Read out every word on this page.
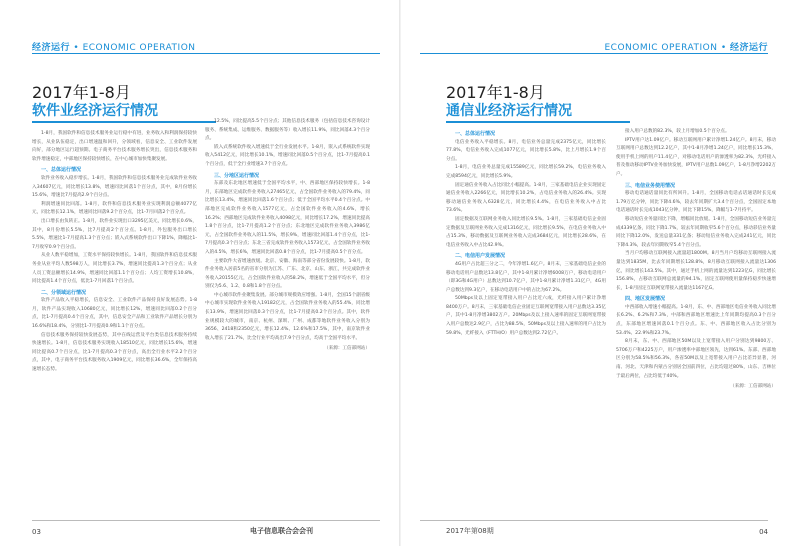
经济运行 • ECONOMIC OPERATION
2017年1-8月
软件业经济运行情况

1-8月，我国软件和信息技术服务业运行稳中有进，业务收入和利润保持较快增长，从业队伍稳定，出口增速温和回升，分领域看，信息安全、工业软件发展向好，部分地区运行超预期。电子商务平台技术服务增长突出，信息技术服务和软件增速稳定，中部地区保持较快增长，在中心城市加快集聚发展。

一、总体运行情况

软件业务收入稳步增长。1-8月，我国软件和信息技术服务业完成软件业务收入34607亿元，同比增长13.8%，增速同比回落1个百分点，其中，8月份增长15.6%，增速比7月提高2.9个百分点。

利润增速同比回落。1-8月，软件和信息技术服务业实现利润总额4077亿元，同比增长12.1%，增速同比回落9.2个百分点，比1-7月回落2个百分点。

出口增长由负转正。1-8月，软件业实现出口3295亿美元，同比增长0.6%，其中，8月份增长5.5%，比7月提高2个百分点。1-8月，外包服务出口增长5.5%，增速比1-7月提高1.3个百分点；嵌入式系统软件出口下降1%，降幅比1-7月收窄0.9个百分点。

从业人数平稳增加，工资水平保持较快增长。1-8月，我国软件和信息技术服务业从业平均人数598万人，同比增长3.7%，增速同比提高1.3个百分点；从业人员工资总额增长14.9%，增速同比回落1.1个百分点；人均工资增长10.8%，同比提高1.4个百分点，低比1-7月回落1个百分点。

二、分领域运行情况

软件产品收入平稳增长，信息安全、工业软件产品保持良好发展态势。1-8月，软件产品实现收入10680亿元，同比增长12%，增速同比回落0.2个百分点，比1-7月提高0.4个百分点，其中，信息安全产品和工业软件产品增长分别为16.6%和18.4%，分别比1-7月提高0.9和1.1个百分点。

信息技术服务保持较快发展态势，其中在线运营及平台类信息技术服务持续快速增长。1-8月，信息技术服务实现收入18510亿元，同比增长15.6%，增速同比提高0.7个百分点，比1-7月提高0.3个百分点，高出全行业水平2.2个百分点，其中，电子商务平台技术服务收入1909亿元，同比增长36.6%，全年保持高速增长态势。

12.5%，同比提高5.5个百分点；其他信息技术服务（包括信息技术咨询设计服务、系统集成、运维服务、数据服务等）收入增长11.9%，同比回落4.3个百分点。

嵌入式系统软件收入增速低于全行业发展水平。1-8月，嵌入式系统软件实现收入5412亿元，同比增长10.1%，增速同比回落0.5个百分点，比1-7月提高0.1个百分点，低于全行业增速3.7个百分点。

三、分地区运行情况

东部及东北地区增速低于全国平均水平，中、西部地区保持较快增长。1-8月，东部地区完成软件业务收入27465亿元，占全国软件业务收入的79.4%，同比增长13.4%，增速同比回落1.6个百分点；低于全国平均水平0.4个百分点。中部地区完成软件业务收入1577亿元，占全国软件业务收入的4.6%，增长16.2%；西部地区完成软件业务收入4098亿元，同比增长17.2%，增速同比提高1.8个百分点，比1-7月提高1.2个百分点；东北地区完成软件业务收入3986亿元，占全国软件业务收入的11.5%，增长9%，增速同比回落1.4个百分点，比1-7月提高0.3个百分点；东北三省完成软件业务收入1573亿元，占全国软件业务收入的4.5%，增长6%，增速同比回落0.8个百分点，比1-7月提高0.5个百分点。

主要软件大省增速放缓。北京、安徽、海南等部分省份发展较快。1-8月，软件业务收入居前5名的省市分别为江苏、广东、北京、山东、浙江，共完成软件业务收入20155亿元，占全国软件业收入的58.2%，增速低于全国平均水平，但分别仅为5.6、1.2、0.8和1.8个百分点。

中心城市软件业聚集发展。部分城市规模效应增强。1-8月，全国15个副省级中心城市实现软件业务收入19182亿元，占全国软件业务收入的55.4%，同比增长13.9%，增速同比回落0.3个百分点，比1-7月提高0.2个百分点。其中，软件业规模较大的城市，南京、杭州、深圳、广州、成都等地软件业务收入分别为3656、2418和2350亿元，增长12.4%、12.6%和17.5%，其中，南京软件业收入增长了21.7%，比全行业平均高出7.9个百分点，均高于全国平均水平。

（来源：工信部网站）

03	电子信息联合会会刊
ECONOMIC OPERATION • 经济运行
2017年1-8月
通信业经济运行情况
一、总体运行情况

电信业务收入平稳增长。8月，电信业务总量完成2375亿元，同比增长77.8%，电信业务收入完成1077亿元，同比增长5.8%，比上月增长1.9个百分点。

1-8月，电信业务总量完成15589亿元，同比增长59.2%，电信业务收入完成8594亿元，同比增长5.9%。

固定通信业务收入占比同比小幅提高。1-8月，三家基础电信企业实现固定通信业务收入2266亿元，同比增长10.2%，占电信业务收入的26.4%。实现移动通信业务收入6328亿元，同比增长4.4%，在电信业务收入中占比73.6%。

固定数据及互联网业务收入同比增长9.5%。1-8月，三家基础电信企业固定数据及互联网业务收入完成1316亿元，同比增长9.5%，在电信业务收入中占15.3%，移动数据及互联网业务收入完成3684亿元，同比增长28.6%，在电信业务收入中占比42.9%。

二、电信用户发展情况

4G用户占比超三分之二，今年净增1.6亿户。8月末，三家基础电信企业的移动电话用户总数达13.8亿户，其中1-8月累计净增6008万户，移动电话用户（即3G和4G用户）总数达到10.7亿户，其中1-8月累计净增1.31亿户，4G用户总数达到9.3亿户，在移动电话用户中的占比为67.2%。

50Mbps及以上固定宽带接入用户占比近六成，光纤接入用户累计净增8400万户。8月末，三家基础电信企业固定互联网宽带接入用户总数达3.35亿户，其中1-8月净增3802万户。20Mbps及以上接入速率的固定互联网宽带接入用户总数达2.9亿户，占比为88.5%，50Mbps及以上接入速率的用户占比为59.8%，光纤接入（FTTH/O）用户总数达到2.72亿户。

接入用户总数的82.3%，较上月增加0.5个百分点。

IPTV用户达1.09亿户。移动互联网用户累计净增1.24亿户。8月末，移动互联网用户总数达到12.2亿户，其中1-8月净增1.24亿户，同比增长15.3%，使用手机上网的用户11.4亿户，对移动电话用户的渗透率为82.3%，光纤接入普及推动移动IPTV业务加快发展，IPTV用户总数1.09亿户，1-8月净增2202万户。

三、电信业务使用情况

移动电话通话量同比有所回升。1-8月，全国移动电话去话通话时长完成1.79万亿分钟，同比下降4.6%，较去年同期扩大3.4个百分点，全国固定本地电话通话时长完成1043亿分钟，同比下降15%，降幅与1-7月持平。

移动短信业务量同比下降，增幅同比放缓。1-8月，全国移动短信业务量完成4339亿条，同比下降1.7%，较去年同期收窄5.6个百分点，移动彩信业务量同比下降12.0%，发送总量331亿条；移动短信业务收入完成241亿元，同比下降4.3%，较去年同期收窄5.4个百分点。

当月户均移动互联网接入流量超1800M。8月当月户均移动互联网接入流量达到1835M，比去年同期增长128.8%，8月移动互联网接入流量达1306亿，同比增长143.5%。其中，通过手机上网的流量达到1223亿G，同比增长156.8%，占移动互联网总流量的94.1%，固定互联网使用量保持稳步快速增长，1-8月固定互联网宽带接入流量达1167亿G。

四、地区发展情况

中西部收入增速小幅提高。1-8月，东、中、西部地区电信业务收入同比增长6.2%、6.2%和7.3%，中部和西部地区增速比上年同期均提高0.3个百分点，东部地区增速回落0.1个百分点。东、中、西部地区收入占比分别为53.4%、22.9%和23.7%。

8月末，东、中、西部地区50M以及上宽带接入用户分别达到9800万、5706万户和4225万户，用户渗透率中部地区领先，达到61%。东部、西部地区分别为58.5%和56.3%，各省50M以及上宽带接入用户占比差异显著，河南、河北、天津和内蒙古分别居全国前四位，占比均超过80%，山东、吉林位于最后两位，占比均低于40%。

（来源：工信部网站）

2017年第08期	04
